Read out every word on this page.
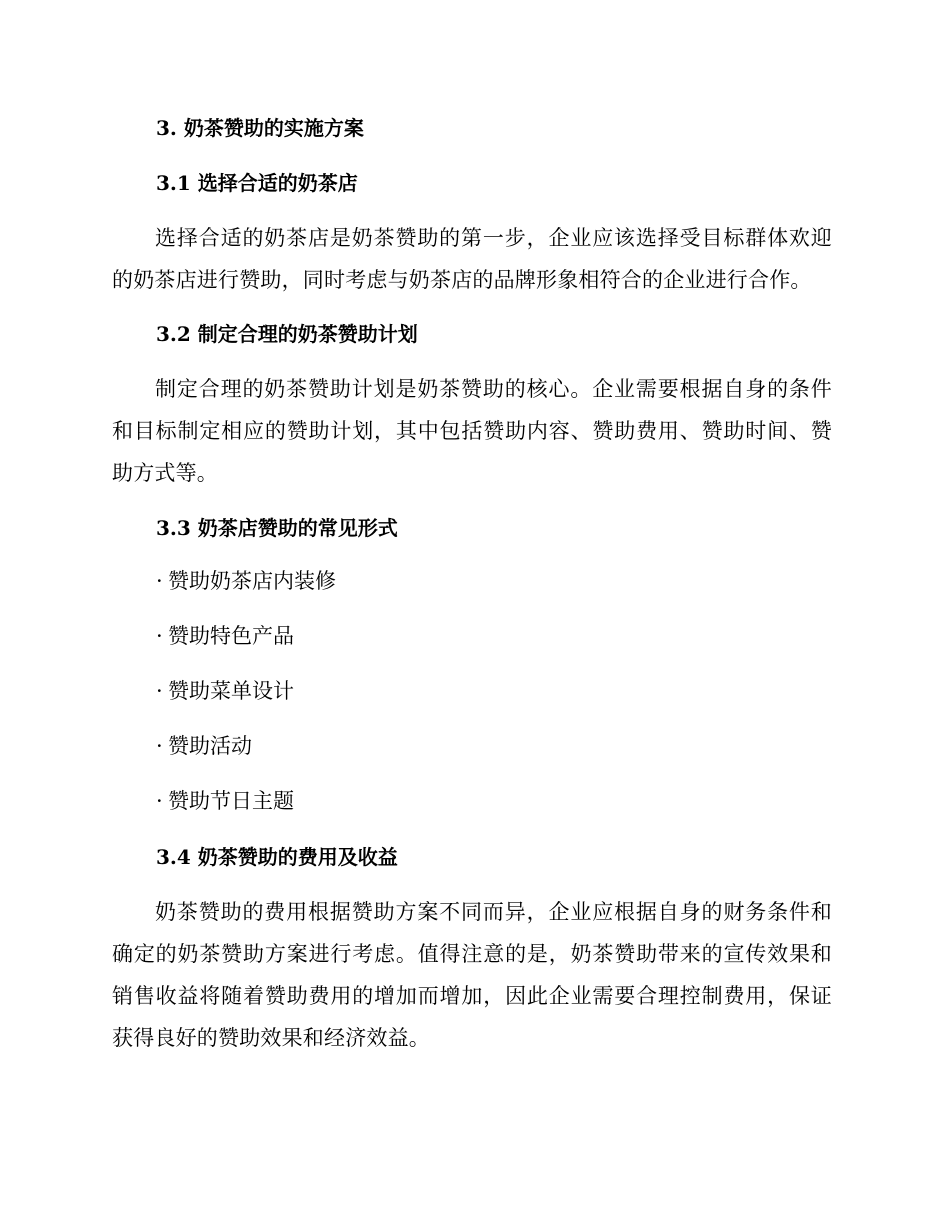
3. 奶茶赞助的实施方案
3.1 选择合适的奶茶店

选择合适的奶茶店是奶茶赞助的第一步，企业应该选择受目标群体欢迎的奶茶店进行赞助，同时考虑与奶茶店的品牌形象相符合的企业进行合作。

3.2 制定合理的奶茶赞助计划

制定合理的奶茶赞助计划是奶茶赞助的核心。企业需要根据自身的条件和目标制定相应的赞助计划，其中包括赞助内容、赞助费用、赞助时间、赞助方式等。

3.3 奶茶店赞助的常见形式
· 赞助奶茶店内装修
· 赞助特色产品
· 赞助菜单设计
· 赞助活动
· 赞助节日主题
3.4 奶茶赞助的费用及收益

奶茶赞助的费用根据赞助方案不同而异，企业应根据自身的财务条件和确定的奶茶赞助方案进行考虑。值得注意的是，奶茶赞助带来的宣传效果和销售收益将随着赞助费用的增加而增加，因此企业需要合理控制费用，保证获得良好的赞助效果和经济效益。
